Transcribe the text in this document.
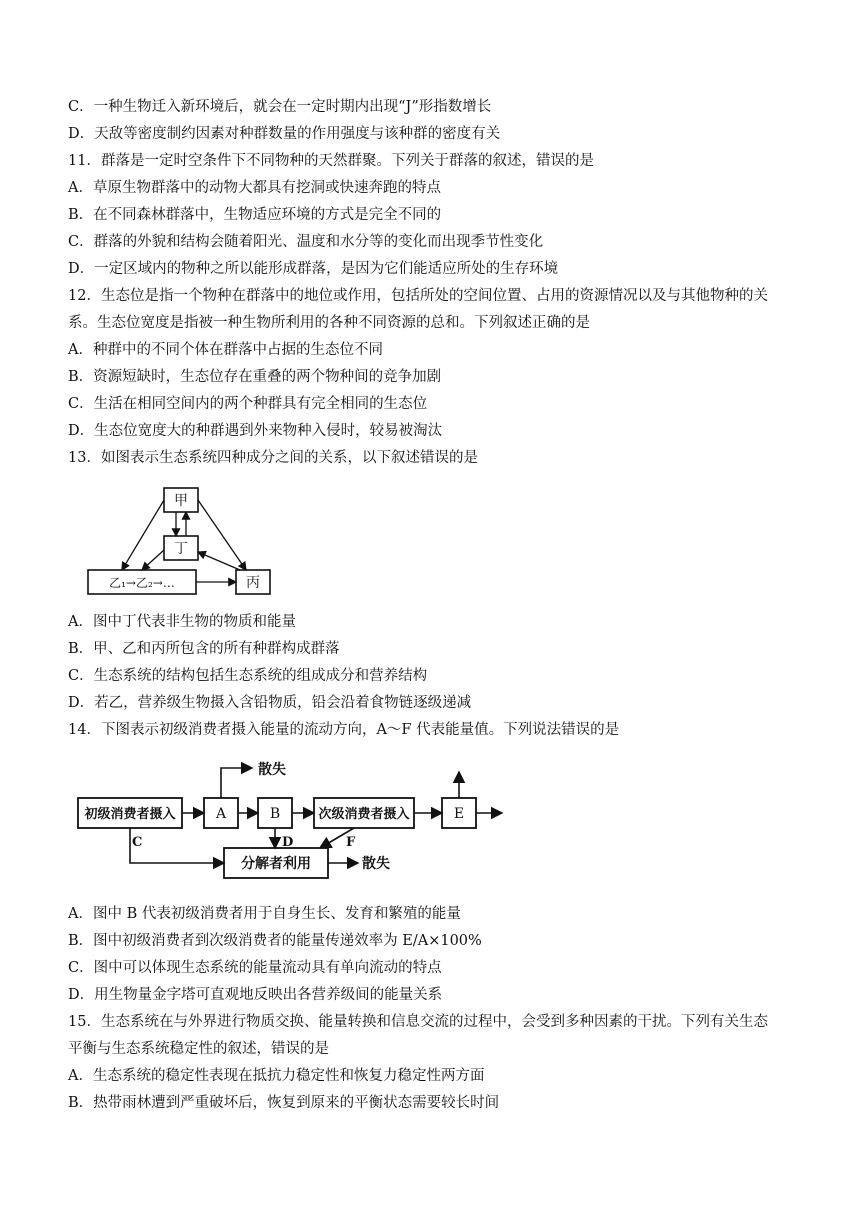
C．一种生物迁入新环境后，就会在一定时期内出现“J”形指数增长
D．天敌等密度制约因素对种群数量的作用强度与该种群的密度有关
11．群落是一定时空条件下不同物种的天然群聚。下列关于群落的叙述，错误的是
A．草原生物群落中的动物大都具有挖洞或快速奔跑的特点
B．在不同森林群落中，生物适应环境的方式是完全不同的
C．群落的外貌和结构会随着阳光、温度和水分等的变化而出现季节性变化
D．一定区域内的物种之所以能形成群落，是因为它们能适应所处的生存环境
12．生态位是指一个物种在群落中的地位或作用，包括所处的空间位置、占用的资源情况以及与其他物种的关
系。生态位宽度是指被一种生物所利用的各种不同资源的总和。下列叙述正确的是
A．种群中的不同个体在群落中占据的生态位不同
B．资源短缺时，生态位存在重叠的两个物种间的竞争加剧
C．生活在相同空间内的两个种群具有完全相同的生态位
D．生态位宽度大的种群遇到外来物种入侵时，较易被淘汰
13．如图表示生态系统四种成分之间的关系，以下叙述错误的是
甲
丁
乙₁→乙₂→…	丙
A．图中丁代表非生物的物质和能量
B．甲、乙和丙所包含的所有种群构成群落
C．生态系统的结构包括生态系统的组成成分和营养结构
D．若乙，营养级生物摄入含铅物质，铅会沿着食物链逐级递减
14．下图表示初级消费者摄入能量的流动方向，A～F 代表能量值。下列说法错误的是
初级消费者摄入	A	B	次级消费者摄入	E
分解者利用
散失
散失
C	D	F
A．图中 B 代表初级消费者用于自身生长、发育和繁殖的能量
B．图中初级消费者到次级消费者的能量传递效率为 E/A×100%
C．图中可以体现生态系统的能量流动具有单向流动的特点
D．用生物量金字塔可直观地反映出各营养级间的能量关系
15．生态系统在与外界进行物质交换、能量转换和信息交流的过程中，会受到多种因素的干扰。下列有关生态
平衡与生态系统稳定性的叙述，错误的是
A．生态系统的稳定性表现在抵抗力稳定性和恢复力稳定性两方面
B．热带雨林遭到严重破坏后，恢复到原来的平衡状态需要较长时间
